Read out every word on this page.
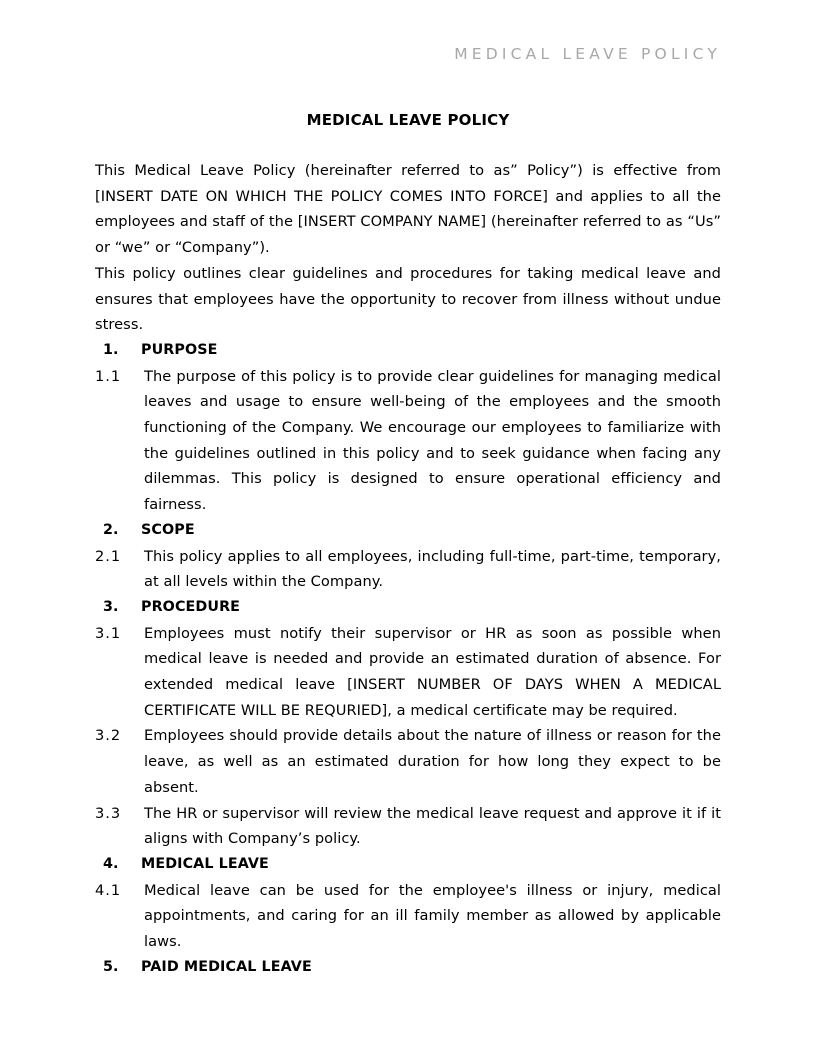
MEDICAL LEAVE POLICY
MEDICAL LEAVE POLICY

This Medical Leave Policy (hereinafter referred to as” Policy”) is effective from [INSERT DATE ON WHICH THE POLICY COMES INTO FORCE] and applies to all the employees and staff of the [INSERT COMPANY NAME] (hereinafter referred to as “Us” or “we” or “Company”).

This policy outlines clear guidelines and procedures for taking medical leave and ensures that employees have the opportunity to recover from illness without undue stress.

1.	PURPOSE
1.1	The purpose of this policy is to provide clear guidelines for managing medical leaves and usage to ensure well-being of the employees and the smooth functioning of the Company. We encourage our employees to familiarize with the guidelines outlined in this policy and to seek guidance when facing any dilemmas. This policy is designed to ensure operational efficiency and fairness.
2.	SCOPE
2.1	This policy applies to all employees, including full-time, part-time, temporary, at all levels within the Company.
3.	PROCEDURE
3.1	Employees must notify their supervisor or HR as soon as possible when medical leave is needed and provide an estimated duration of absence. For extended medical leave [INSERT NUMBER OF DAYS WHEN A MEDICAL CERTIFICATE WILL BE REQURIED], a medical certificate may be required.
3.2	Employees should provide details about the nature of illness or reason for the leave, as well as an estimated duration for how long they expect to be absent.
3.3	The HR or supervisor will review the medical leave request and approve it if it aligns with Company’s policy.
4.	MEDICAL LEAVE
4.1	Medical leave can be used for the employee's illness or injury, medical appointments, and caring for an ill family member as allowed by applicable laws.
5.	PAID MEDICAL LEAVE
